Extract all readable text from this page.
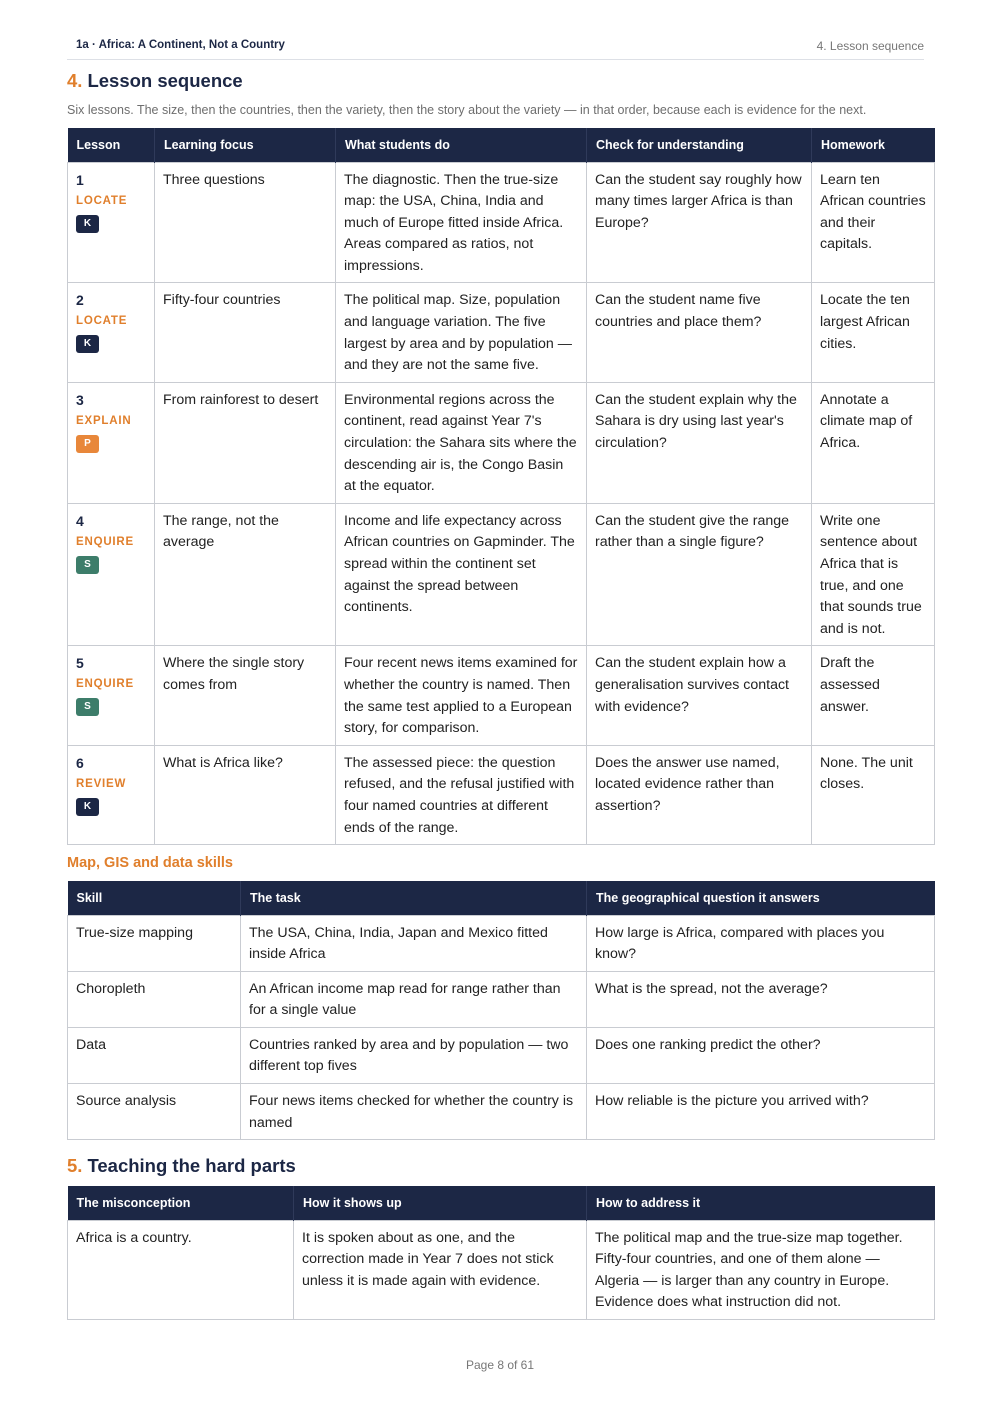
1a · Africa: A Continent, Not a Country	4. Lesson sequence
4. Lesson sequence

Six lessons. The size, then the countries, then the variety, then the story about the variety — in that order, because each is evidence for the next.

Lesson	Learning focus	What students do	Check for understanding	Homework

1
LOCATE
K	Three questions	The diagnostic. Then the true-size map: the USA, China, India and much of Europe fitted inside Africa. Areas compared as ratios, not impressions.	Can the student say roughly how many times larger Africa is than Europe?	Learn ten African countries and their capitals.

2
LOCATE
K	Fifty-four countries	The political map. Size, population and language variation. The five largest by area and by population — and they are not the same five.	Can the student name five countries and place them?	Locate the ten largest African cities.

3
EXPLAIN
P	From rainforest to desert	Environmental regions across the continent, read against Year 7's circulation: the Sahara sits where the descending air is, the Congo Basin at the equator.	Can the student explain why the Sahara is dry using last year's circulation?	Annotate a climate map of Africa.

4
ENQUIRE
S	The range, not the average	Income and life expectancy across African countries on Gapminder. The spread within the continent set against the spread between continents.	Can the student give the range rather than a single figure?	Write one sentence about Africa that is true, and one that sounds true and is not.

5
ENQUIRE
S	Where the single story comes from	Four recent news items examined for whether the country is named. Then the same test applied to a European story, for comparison.	Can the student explain how a generalisation survives contact with evidence?	Draft the assessed answer.

6
REVIEW
K	What is Africa like?	The assessed piece: the question refused, and the refusal justified with four named countries at different ends of the range.	Does the answer use named, located evidence rather than assertion?	None. The unit closes.
Map, GIS and data skills
Skill	The task	The geographical question it answers
True-size mapping	The USA, China, India, Japan and Mexico fitted inside Africa	How large is Africa, compared with places you know?
Choropleth	An African income map read for range rather than for a single value	What is the spread, not the average?
Data	Countries ranked by area and by population — two different top fives	Does one ranking predict the other?
Source analysis	Four news items checked for whether the country is named	How reliable is the picture you arrived with?
5. Teaching the hard parts
The misconception	How it shows up	How to address it
Africa is a country.	It is spoken about as one, and the correction made in Year 7 does not stick unless it is made again with evidence.	The political map and the true-size map together. Fifty-four countries, and one of them alone — Algeria — is larger than any country in Europe. Evidence does what instruction did not.
Page 8 of 61
